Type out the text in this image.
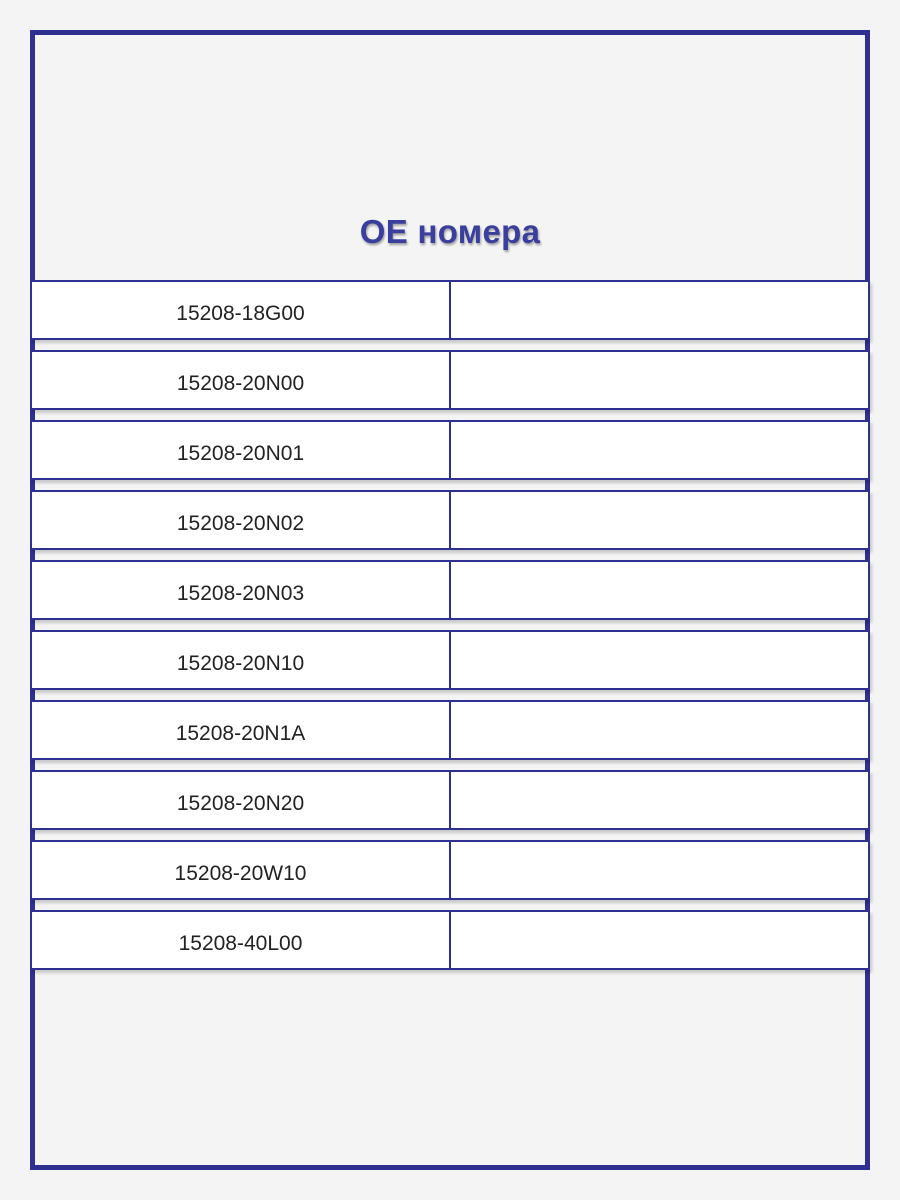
OE номера
15208-18G00
15208-20N00
15208-20N01
15208-20N02
15208-20N03
15208-20N10
15208-20N1A
15208-20N20
15208-20W10
15208-40L00
